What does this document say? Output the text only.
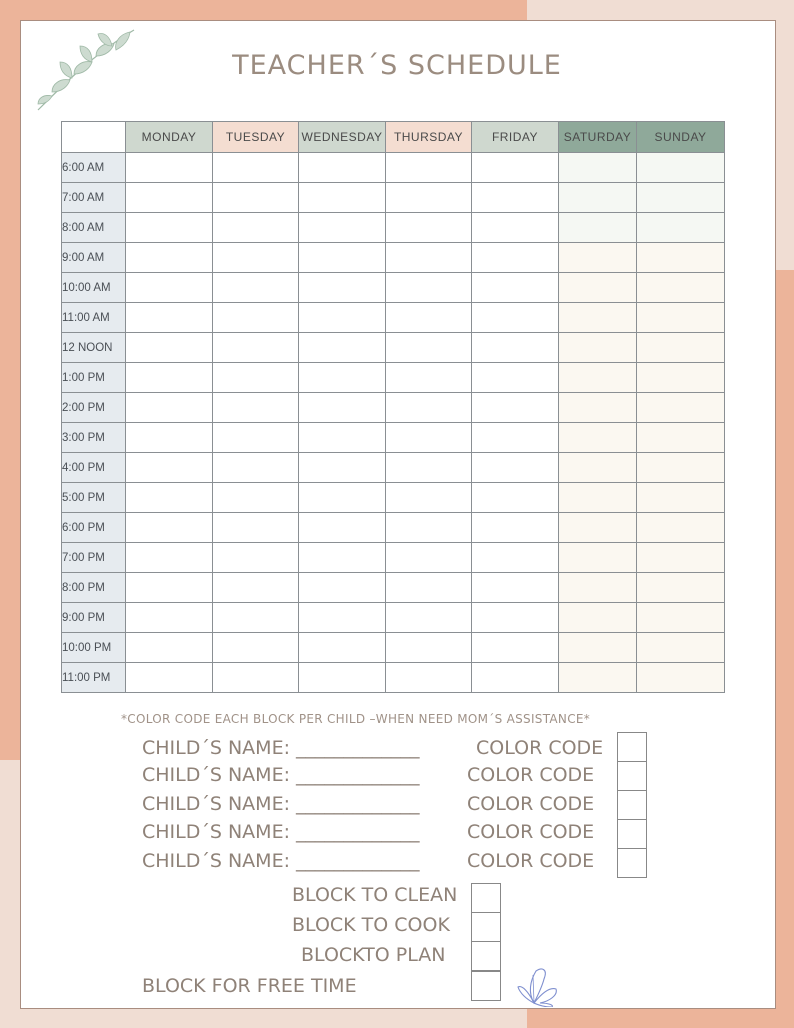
TEACHER´S SCHEDULE
	MONDAY	TUESDAY	WEDNESDAY	THURSDAY	FRIDAY	SATURDAY	SUNDAY
6:00 AM							
7:00 AM							
8:00 AM							
9:00 AM							
10:00 AM							
11:00 AM							
12 NOON							
1:00 PM							
2:00 PM							
3:00 PM							
4:00 PM							
5:00 PM							
6:00 PM							
7:00 PM							
8:00 PM							
9:00 PM							
10:00 PM							
11:00 PM							
*COLOR CODE EACH BLOCK PER CHILD –WHEN NEED MOM´S ASSISTANCE*
CHILD´S NAME: _____________	COLOR CODE
CHILD´S NAME: _____________ COLOR CODE
CHILD´S NAME: _____________ COLOR CODE
CHILD´S NAME: _____________ COLOR CODE
CHILD´S NAME: _____________ COLOR CODE
BLOCK TO CLEAN
BLOCK TO COOK
BLOCKTO PLAN
BLOCK FOR FREE TIME
